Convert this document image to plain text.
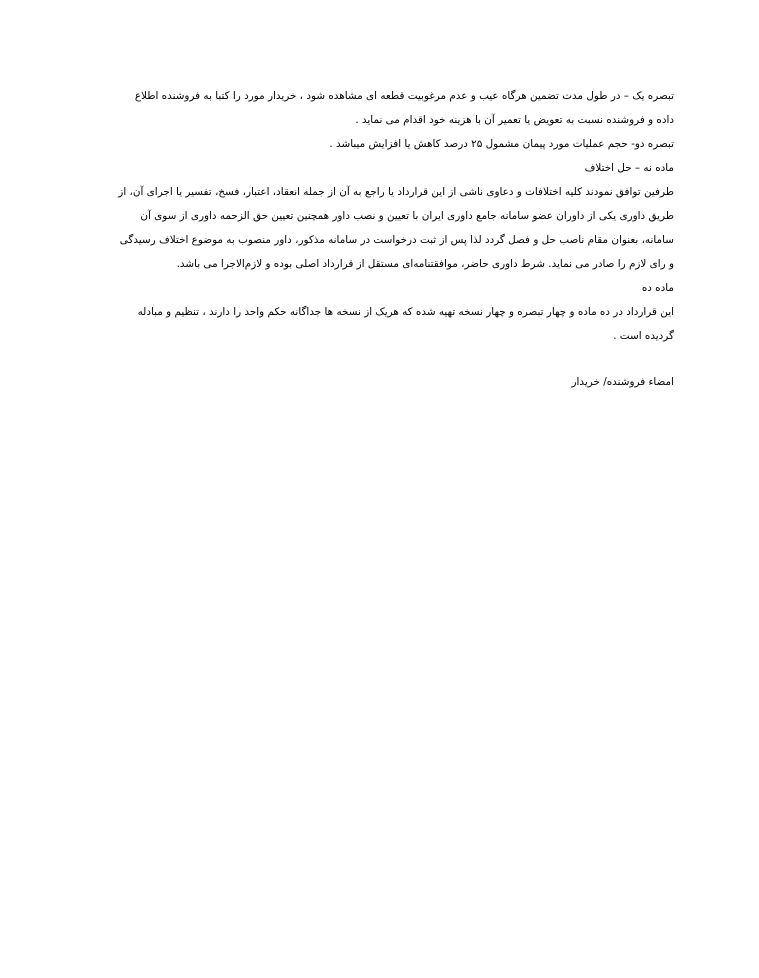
تبصره یک – در طول مدت تضمین هرگاه عیب و عدم مرغوبیت قطعه ای مشاهده شود ، خریدار مورد را کتبا به فروشنده اطلاع
داده و فروشنده نسبت به تعویض یا تعمیر آن با هزینه خود اقدام می نماید .
تبصره دو- حجم عملیات مورد پیمان مشمول ۲۵ درصد کاهش یا افزایش میباشد .
ماده نه – حل اختلاف
طرفین توافق نمودند کلیه اختلافات و دعاوی ناشی از این قرارداد یا راجع به آن از جمله انعقاد، اعتبار، فسخ، تفسیر یا اجرای آن، از
طریق داوری یکی از داوران عضو سامانه جامع داوری ایران با تعیین و نصب داور همچنین تعیین حق الزحمه داوری از سوی آن
سامانه، بعنوان مقام ناصب حل و فصل گردد لذا پس از ثبت درخواست در سامانه مذکور، داور منصوب به موضوع اختلاف رسیدگی
و رای لازم را صادر می نماید. شرط داوری حاضر، موافقتنامه‌ای مستقل از قرارداد اصلی بوده و لازم‌الاجرا می باشد.
ماده ده
این قرارداد در ده ماده و چهار تبصره و چهار نسخه تهیه شده که هریک از نسخه ها جداگانه حکم واحد را دارند ، تنظیم و مبادله
گردیده است .
امضاء فروشنده/ خریدار
